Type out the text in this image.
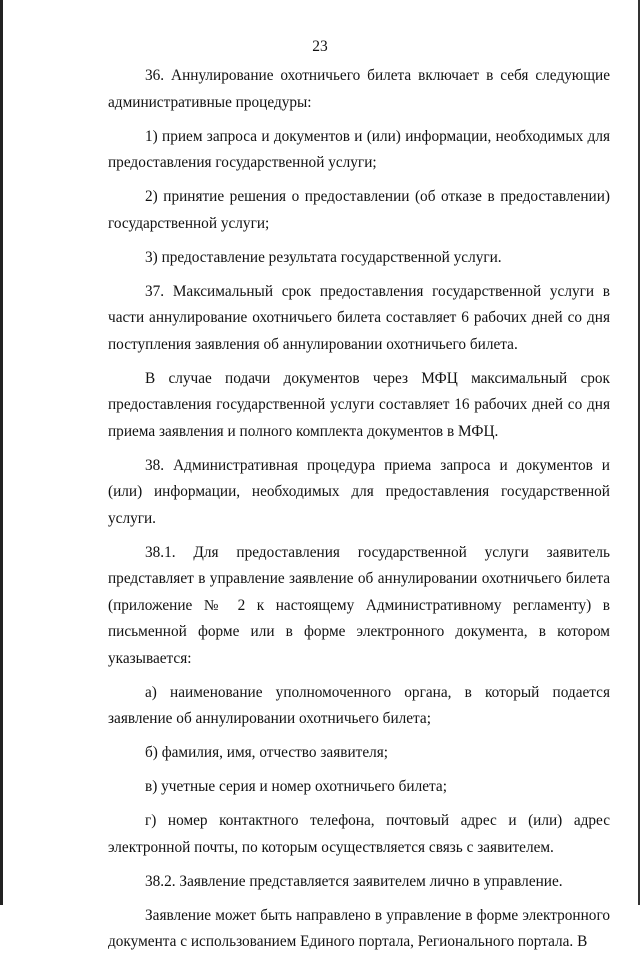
23

36. Аннулирование охотничьего билета включает в себя следующие административные процедуры:

1) прием запроса и документов и (или) информации, необходимых для предоставления государственной услуги;

2) принятие решения о предоставлении (об отказе в предоставлении) государственной услуги;

3) предоставление результата государственной услуги.

37. Максимальный срок предоставления государственной услуги в части аннулирование охотничьего билета составляет 6 рабочих дней со дня поступления заявления об аннулировании охотничьего билета.

В случае подачи документов через МФЦ максимальный срок предоставления государственной услуги составляет 16 рабочих дней со дня приема заявления и полного комплекта документов в МФЦ.

38. Административная процедура приема запроса и документов и (или) информации, необходимых для предоставления государственной услуги.

38.1. Для предоставления государственной услуги заявитель представляет в управление заявление об аннулировании охотничьего билета (приложение № 2 к настоящему Административному регламенту) в письменной форме или в форме электронного документа, в котором указывается:

а) наименование уполномоченного органа, в который подается заявление об аннулировании охотничьего билета;

б) фамилия, имя, отчество заявителя;

в) учетные серия и номер охотничьего билета;

г) номер контактного телефона, почтовый адрес и (или) адрес электронной почты, по которым осуществляется связь с заявителем.

38.2. Заявление представляется заявителем лично в управление.

Заявление может быть направлено в управление в форме электронного документа с использованием Единого портала, Регионального портала. В
